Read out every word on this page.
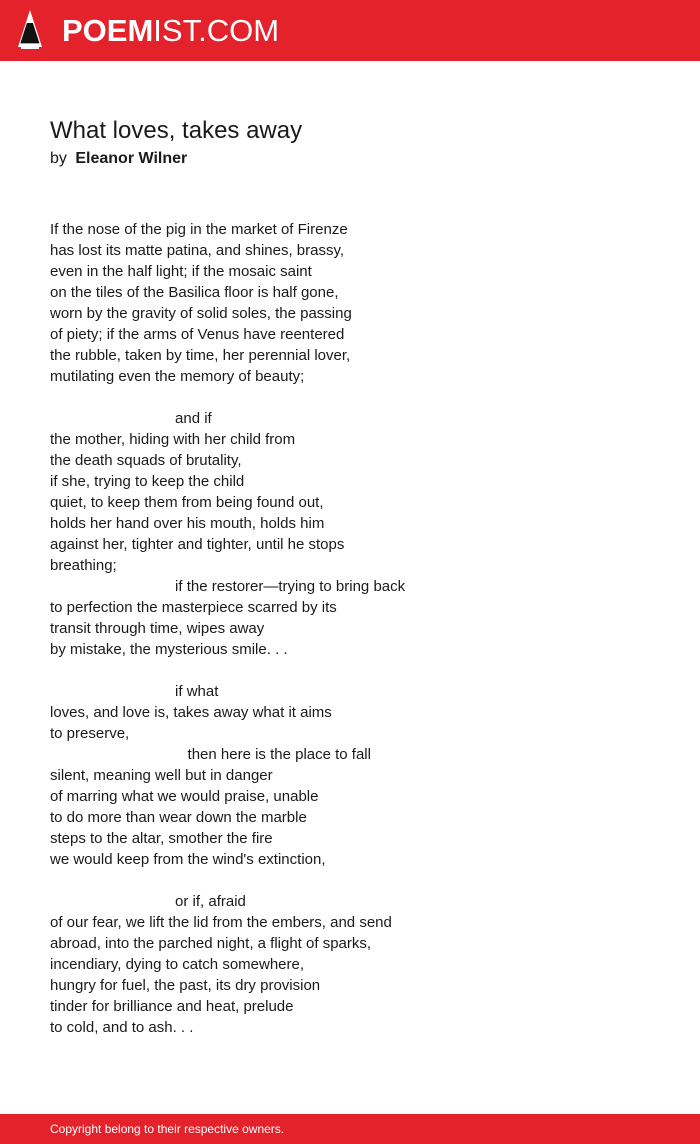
POEMIST.COM
What loves, takes away
by Eleanor Wilner
If the nose of the pig in the market of Firenze
has lost its matte patina, and shines, brassy,
even in the half light; if the mosaic saint
on the tiles of the Basilica floor is half gone,
worn by the gravity of solid soles, the passing
of piety; if the arms of Venus have reentered
the rubble, taken by time, her perennial lover,
mutilating even the memory of beauty;
and if
the mother, hiding with her child from
the death squads of brutality,
if she, trying to keep the child
quiet, to keep them from being found out,
holds her hand over his mouth, holds him
against her, tighter and tighter, until he stops
breathing;
if the restorer—trying to bring back
to perfection the masterpiece scarred by its
transit through time, wipes away
by mistake, the mysterious smile. . .
if what
loves, and love is, takes away what it aims
to preserve,
then here is the place to fall
silent, meaning well but in danger
of marring what we would praise, unable
to do more than wear down the marble
steps to the altar, smother the fire
we would keep from the wind's extinction,
or if, afraid
of our fear, we lift the lid from the embers, and send
abroad, into the parched night, a flight of sparks,
incendiary, dying to catch somewhere,
hungry for fuel, the past, its dry provision
tinder for brilliance and heat, prelude
to cold, and to ash. . .
Copyright belong to their respective owners.
